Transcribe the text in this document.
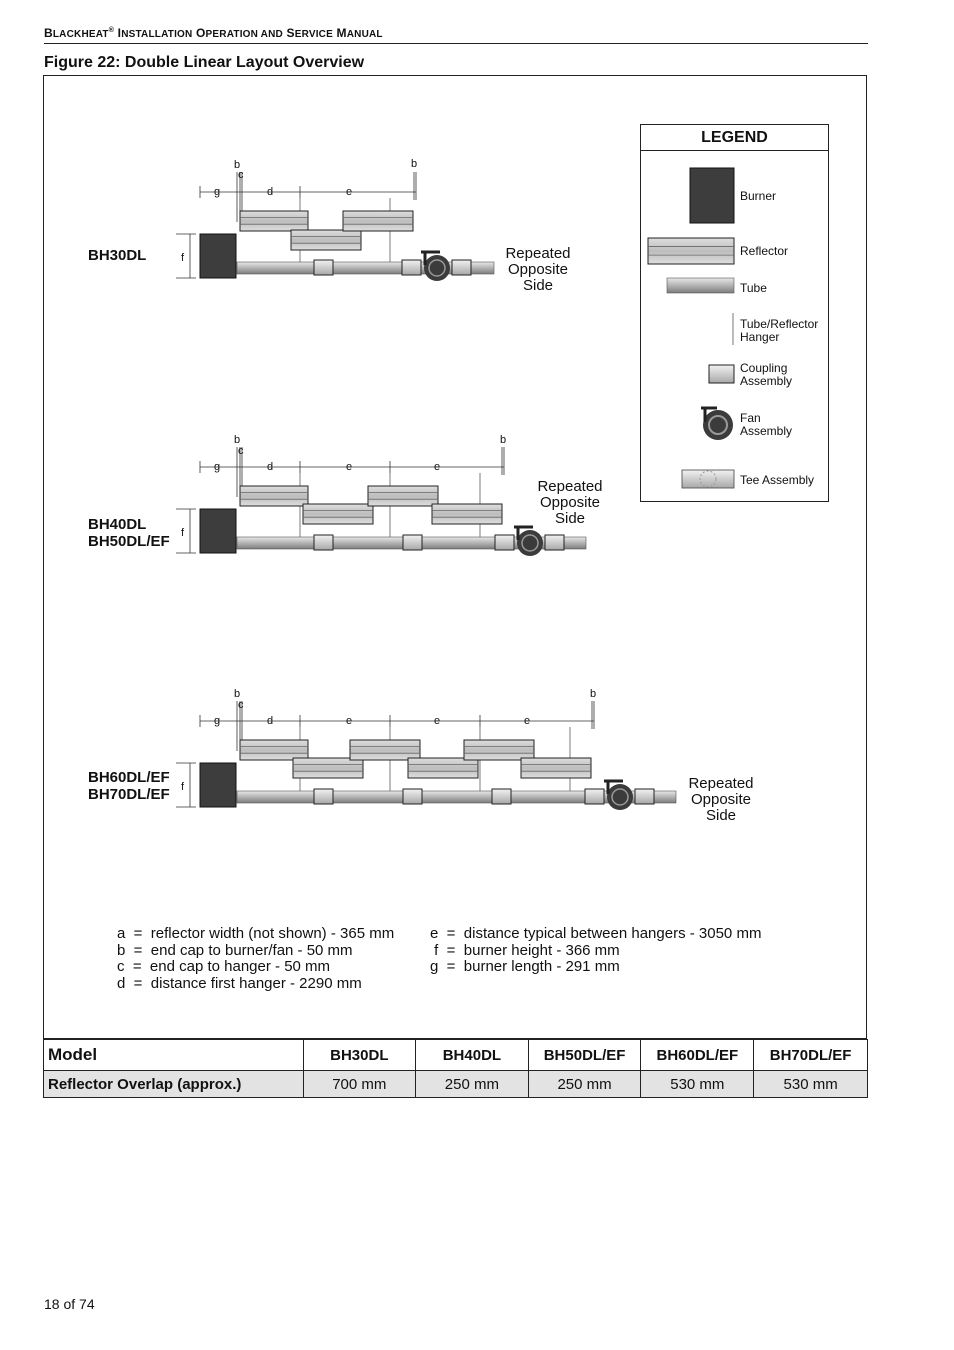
BLACKHEAT® INSTALLATION OPERATION AND SERVICE MANUAL
Figure 22: Double Linear Layout Overview
BH30DL
BH40DL
BH50DL/EF
BH60DL/EF
BH70DL/EF
Repeated
Opposite
Side
Repeated
Opposite
Side
Repeated
Opposite
Side
b
c
b
g	d	e
f
b
c
b
g	d	e	e
f
b
c
b
g	d	e	e	e
f
LEGEND
Burner
Reflector
Tube
Tube/Reflector
Hanger
Coupling
Assembly
Fan
Assembly
Tee Assembly
a  =  reflector width (not shown) - 365 mm
b  =  end cap to burner/fan - 50 mm
c  =  end cap to hanger - 50 mm
d  =  distance first hanger - 2290 mm
e  =  distance typical between hangers - 3050 mm
f  =  burner height - 366 mm
g  =  burner length - 291 mm
Model	BH30DL	BH40DL	BH50DL/EF	BH60DL/EF	BH70DL/EF
Reflector Overlap (approx.)	700 mm	250 mm	250 mm	530 mm	530 mm
18 of 74
